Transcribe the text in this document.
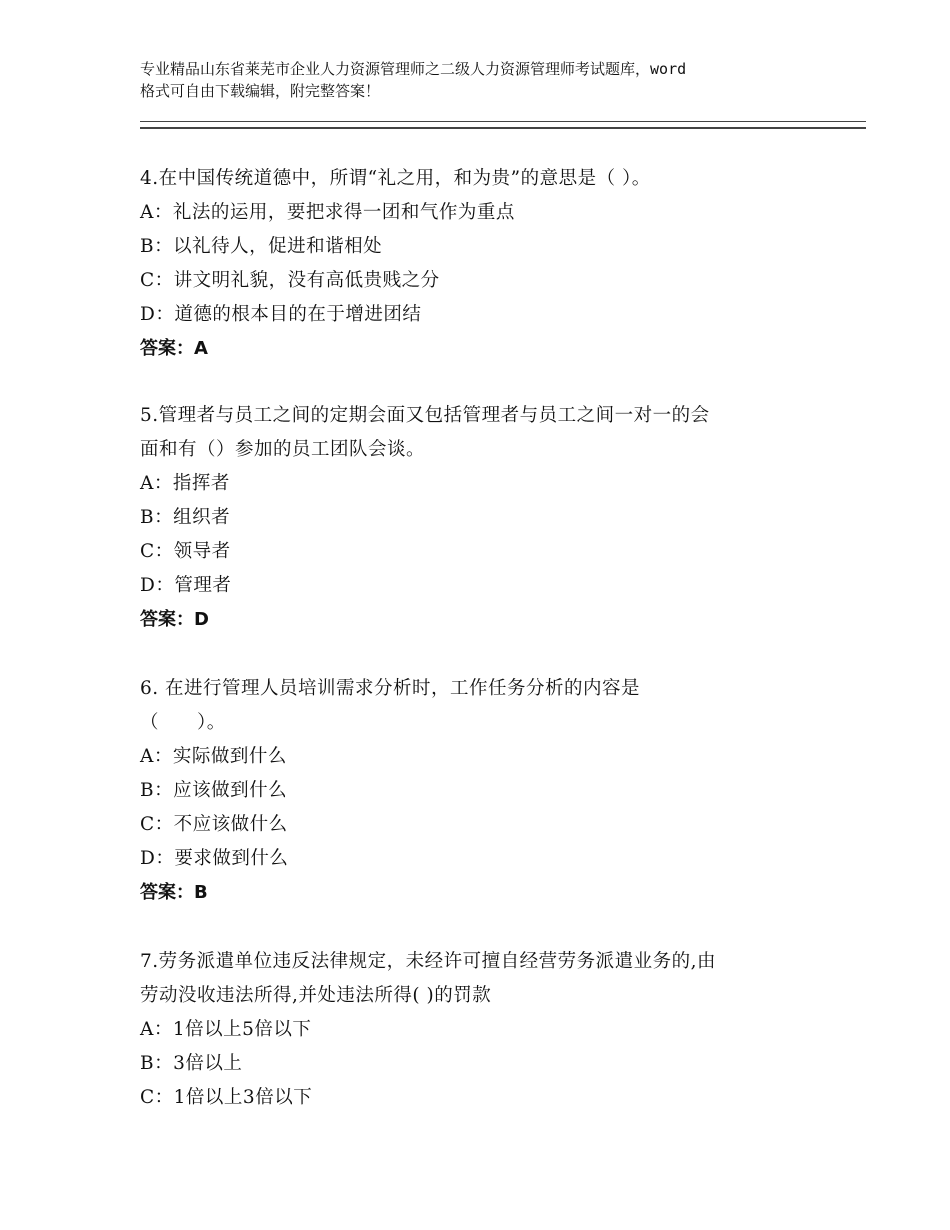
专业精品山东省莱芜市企业人力资源管理师之二级人力资源管理师考试题库，word
格式可自由下载编辑，附完整答案！
4.在中国传统道德中，所谓“礼之用，和为贵”的意思是（ ）。
A：礼法的运用，要把求得一团和气作为重点
B：以礼待人，促进和谐相处
C：讲文明礼貌，没有高低贵贱之分
D：道德的根本目的在于增进团结
答案：A
5.管理者与员工之间的定期会面又包括管理者与员工之间一对一的会
面和有（）参加的员工团队会谈。
A：指挥者
B：组织者
C：领导者
D：管理者
答案：D
6. 在进行管理人员培训需求分析时，工作任务分析的内容是
（　　）。
A：实际做到什么
B：应该做到什么
C：不应该做什么
D：要求做到什么
答案：B
7.劳务派遣单位违反法律规定，未经许可擅自经营劳务派遣业务的,由
劳动没收违法所得,并处违法所得( )的罚款
A：1倍以上5倍以下
B：3倍以上
C：1倍以上3倍以下
